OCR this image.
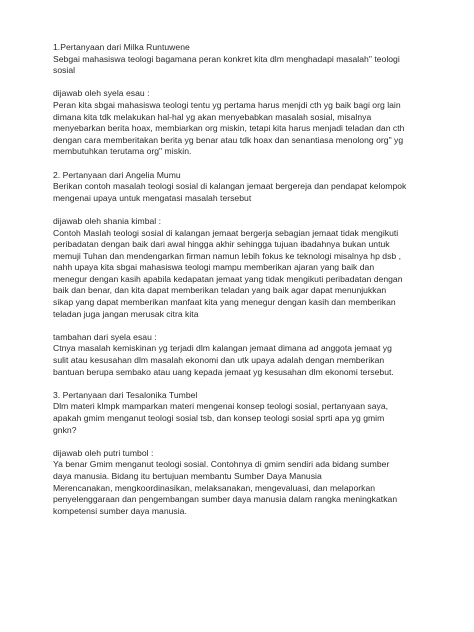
1.Pertanyaan dari Milka Runtuwene
Sebgai mahasiswa teologi bagamana peran konkret kita dlm menghadapi masalah" teologi
sosial
dijawab oleh syela esau :
Peran kita sbgai mahasiswa teologi tentu yg pertama harus menjdi cth yg baik bagi org lain
dimana kita tdk melakukan hal-hal yg akan menyebabkan masalah sosial, misalnya
menyebarkan berita hoax, membiarkan org miskin, tetapi kita harus menjadi teladan dan cth
dengan cara memberitakan berita yg benar atau tdk hoax dan senantiasa menolong org" yg
membutuhkan terutama org" miskin.
2. Pertanyaan dari Angelia Mumu
Berikan contoh masalah teologi sosial di kalangan jemaat bergereja dan pendapat kelompok
mengenai upaya untuk mengatasi masalah tersebut
dijawab oleh shania kimbal :
Contoh Maslah teologi sosial di kalangan jemaat bergerja sebagian jemaat tidak mengikuti
peribadatan dengan baik dari awal hingga akhir sehingga tujuan ibadahnya bukan untuk
memuji Tuhan dan mendengarkan firman namun lebih fokus ke teknologi misalnya hp dsb ,
nahh upaya kita sbgai mahasiswa teologi mampu memberikan ajaran yang baik dan
menegur dengan kasih apabila kedapatan jemaat yang tidak mengikuti peribadatan dengan
baik dan benar, dan kita dapat memberikan teladan yang baik agar dapat menunjukkan
sikap yang dapat memberikan manfaat kita yang menegur dengan kasih dan memberikan
teladan juga jangan merusak citra kita
tambahan dari syela esau :
Ctnya masalah kemiskinan yg terjadi dlm kalangan jemaat dimana ad anggota jemaat yg
sulit atau kesusahan dlm masalah ekonomi dan utk upaya adalah dengan memberikan
bantuan berupa sembako atau uang kepada jemaat yg kesusahan dlm ekonomi tersebut.
3. Pertanyaan dari Tesalonika Tumbel
Dlm materi klmpk mamparkan materi mengenai konsep teologi sosial, pertanyaan saya,
apakah gmim menganut teologi sosial tsb, dan konsep teologi sosial sprti apa yg gmim
gnkn?
dijawab oleh putri tumbol :
Ya benar Gmim menganut teologi sosial. Contohnya di gmim sendiri ada bidang sumber
daya manusia. Bidang itu bertujuan membantu Sumber Daya Manusia
Merencanakan, mengkoordinasikan, melaksanakan, mengevaluasi, dan melaporkan
penyelenggaraan dan pengembangan sumber daya manusia dalam rangka meningkatkan
kompetensi sumber daya manusia.
